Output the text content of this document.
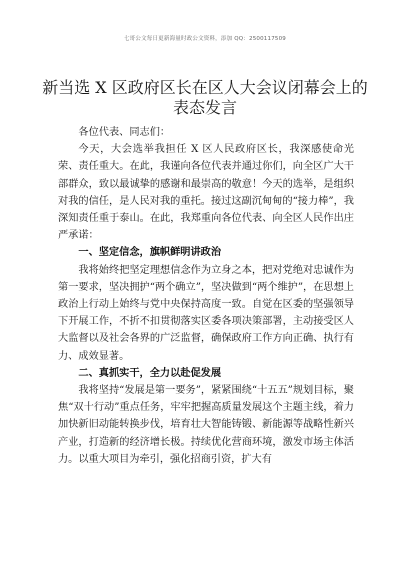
七哥公文每日更新海量时政公文资料，添加 QQ：2500117509
新当选 X 区政府区长在区人大会议闭幕会上的表态发言

各位代表、同志们：

今天，大会选举我担任 X 区人民政府区长，我深感使命光荣、责任重大。在此，我谨向各位代表并通过你们，向全区广大干部群众，致以最诚挚的感谢和最崇高的敬意！今天的选举，是组织对我的信任，是人民对我的重托。接过这副沉甸甸的“接力棒”，我深知责任重于泰山。在此，我郑重向各位代表、向全区人民作出庄严承诺：

一、坚定信念，旗帜鲜明讲政治

我将始终把坚定理想信念作为立身之本，把对党绝对忠诚作为第一要求，坚决拥护“两个确立”，坚决做到“两个维护”，在思想上政治上行动上始终与党中央保持高度一致。自觉在区委的坚强领导下开展工作，不折不扣贯彻落实区委各项决策部署，主动接受区人大监督以及社会各界的广泛监督，确保政府工作方向正确、执行有力、成效显著。

二、真抓实干，全力以赴促发展

我将坚持“发展是第一要务”，紧紧围绕“十五五”规划目标，聚焦“双十行动”重点任务，牢牢把握高质量发展这个主题主线，着力加快新旧动能转换步伐，培育壮大智能铸锻、新能源等战略性新兴产业，打造新的经济增长极。持续优化营商环境，激发市场主体活力。以重大项目为牵引，强化招商引资，扩大有
